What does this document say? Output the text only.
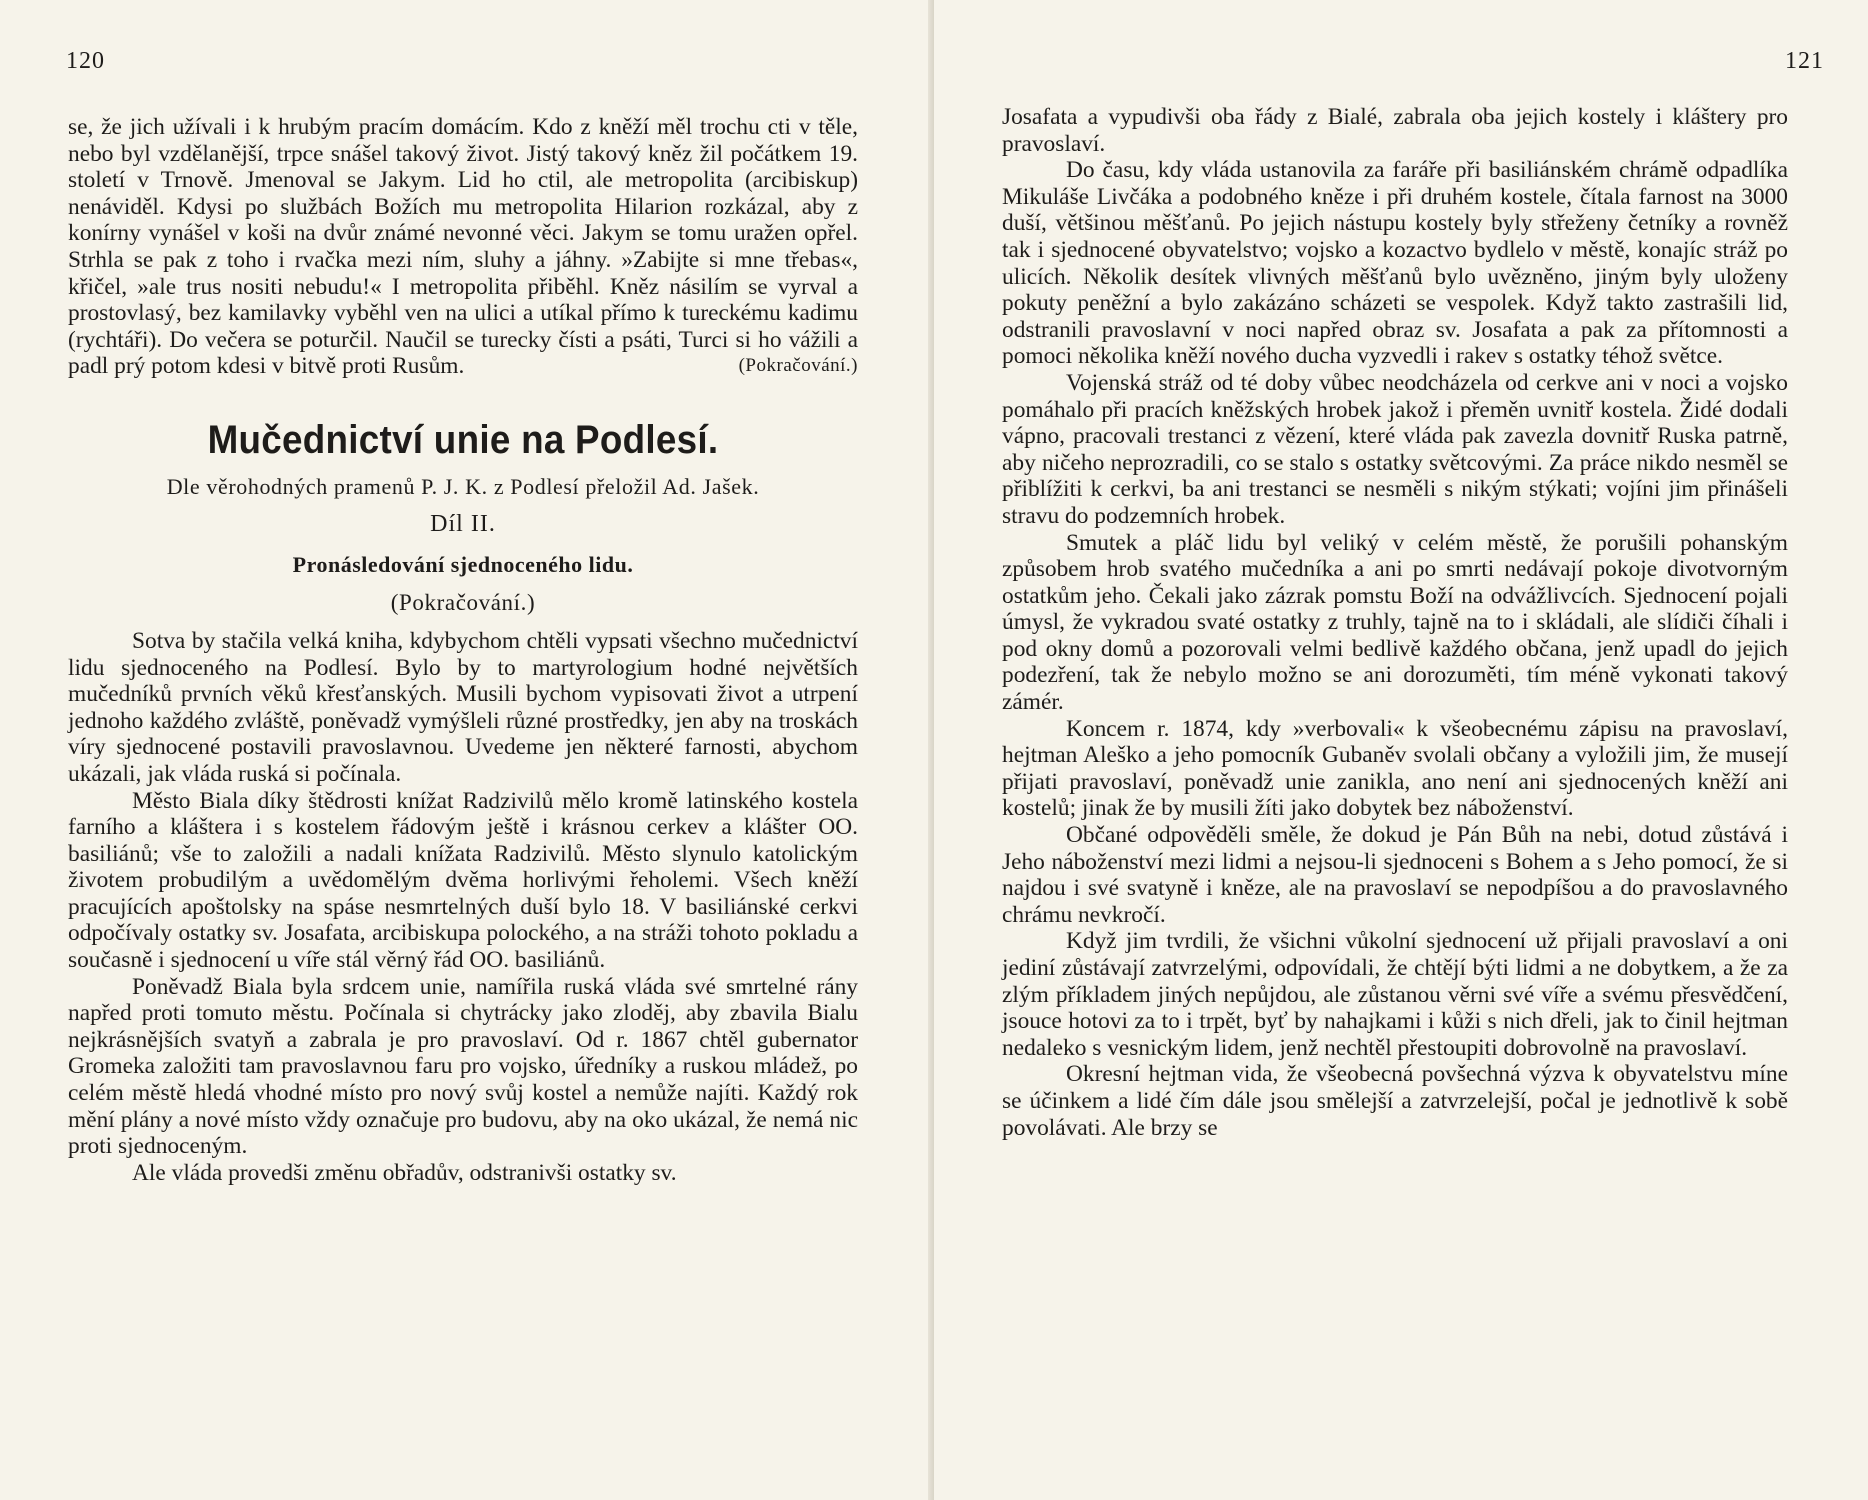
120

se, že jich užívali i k hrubým pracím domácím. Kdo z kněží měl trochu cti v těle, nebo byl vzdělanější, trpce snášel takový život. Jistý takový kněz žil počátkem 19. století v Trnově. Jmenoval se Jakym. Lid ho ctil, ale metropolita (arcibiskup) nenáviděl. Kdysi po službách Božích mu metropolita Hilarion rozkázal, aby z konírny vynášel v koši na dvůr známé nevonné věci. Jakym se tomu uražen opřel. Strhla se pak z toho i rvačka mezi ním, sluhy a jáhny. »Zabijte si mne třebas«, křičel, »ale trus nositi nebudu!« I metropolita přiběhl. Kněz násilím se vyrval a prostovlasý, bez kamilavky vyběhl ven na ulici a utíkal přímo k tureckému kadimu (rychtáři). Do večera se poturčil. Naučil se turecky čísti a psáti, Turci si ho vážili a padl prý potom kdesi v bitvě proti Rusům.	(Pokračování.)

Mučednictví unie na Podlesí.
Dle věrohodných pramenů P. J. K. z Podlesí přeložil Ad. Jašek.
Díl II.
Pronásledování sjednoceného lidu.
(Pokračování.)

Sotva by stačila velká kniha, kdybychom chtěli vypsati všechno mučednictví lidu sjednoceného na Podlesí. Bylo by to martyrologium hodné největších mučedníků prvních věků křesťanských. Musili bychom vypisovati život a utrpení jednoho každého zvláště, poněvadž vymýšleli různé prostředky, jen aby na troskách víry sjednocené postavili pravoslavnou. Uvedeme jen některé farnosti, abychom ukázali, jak vláda ruská si počínala.

Město Biala díky štědrosti knížat Radzivilů mělo kromě latinského kostela farního a kláštera i s kostelem řádovým ještě i krásnou cerkev a klášter OO. basiliánů; vše to založili a nadali knížata Radzivilů. Město slynulo katolickým životem probudilým a uvědomělým dvěma horlivými řeholemi. Všech kněží pracujících apoštolsky na spáse nesmrtelných duší bylo 18. V basiliánské cerkvi odpočívaly ostatky sv. Josafata, arcibiskupa polockého, a na stráži tohoto pokladu a současně i sjednocení u víře stál věrný řád OO. basiliánů.

Poněvadž Biala byla srdcem unie, namířila ruská vláda své smrtelné rány napřed proti tomuto městu. Počínala si chytrácky jako zloděj, aby zbavila Bialu nejkrásnějších svatyň a zabrala je pro pravoslaví. Od r. 1867 chtěl gubernator Gromeka založiti tam pravoslavnou faru pro vojsko, úředníky a ruskou mládež, po celém městě hledá vhodné místo pro nový svůj kostel a nemůže najíti. Každý rok mění plány a nové místo vždy označuje pro budovu, aby na oko ukázal, že nemá nic proti sjednoceným.

Ale vláda provedši změnu obřadův, odstranivši ostatky sv.

121

Josafata a vypudivši oba řády z Bialé, zabrala oba jejich kostely i kláštery pro pravoslaví.

Do času, kdy vláda ustanovila za faráře při basiliánském chrámě odpadlíka Mikuláše Livčáka a podobného kněze i při druhém kostele, čítala farnost na 3000 duší, většinou měšťanů. Po jejich nástupu kostely byly střeženy četníky a rovněž tak i sjednocené obyvatelstvo; vojsko a kozactvo bydlelo v městě, konajíc stráž po ulicích. Několik desítek vlivných měšťanů bylo uvězněno, jiným byly uloženy pokuty peněžní a bylo zakázáno scházeti se vespolek. Když takto zastrašili lid, odstranili pravoslavní v noci napřed obraz sv. Josafata a pak za přítomnosti a pomoci několika kněží nového ducha vyzvedli i rakev s ostatky téhož světce.

Vojenská stráž od té doby vůbec neodcházela od cerkve ani v noci a vojsko pomáhalo při pracích kněžských hrobek jakož i přeměn uvnitř kostela. Židé dodali vápno, pracovali trestanci z vězení, které vláda pak zavezla dovnitř Ruska patrně, aby ničeho neprozradili, co se stalo s ostatky světcovými. Za práce nikdo nesměl se přiblížiti k cerkvi, ba ani trestanci se nesměli s nikým stýkati; vojíni jim přinášeli stravu do podzemních hrobek.

Smutek a pláč lidu byl veliký v celém městě, že porušili pohanským způsobem hrob svatého mučedníka a ani po smrti nedávají pokoje divotvorným ostatkům jeho. Čekali jako zázrak pomstu Boží na odvážlivcích. Sjednocení pojali úmysl, že vykradou svaté ostatky z truhly, tajně na to i skládali, ale slídiči číhali i pod okny domů a pozorovali velmi bedlivě každého občana, jenž upadl do jejich podezření, tak že nebylo možno se ani dorozuměti, tím méně vykonati takový zámér.

Koncem r. 1874, kdy »verbovali« k všeobecnému zápisu na pravoslaví, hejtman Aleško a jeho pomocník Gubaněv svolali občany a vyložili jim, že musejí přijati pravoslaví, poněvadž unie zanikla, ano není ani sjednocených kněží ani kostelů; jinak že by musili žíti jako dobytek bez náboženství.

Občané odpověděli směle, že dokud je Pán Bůh na nebi, dotud zůstává i Jeho náboženství mezi lidmi a nejsou-li sjednoceni s Bohem a s Jeho pomocí, že si najdou i své svatyně i kněze, ale na pravoslaví se nepodpíšou a do pravoslavného chrámu nevkročí.

Když jim tvrdili, že všichni vůkolní sjednocení už přijali pravoslaví a oni jediní zůstávají zatvrzelými, odpovídali, že chtějí býti lidmi a ne dobytkem, a že za zlým příkladem jiných nepůjdou, ale zůstanou věrni své víře a svému přesvědčení, jsouce hotovi za to i trpět, byť by nahajkami i kůži s nich dřeli, jak to činil hejtman nedaleko s vesnickým lidem, jenž nechtěl přestoupiti dobrovolně na pravoslaví.

Okresní hejtman vida, že všeobecná povšechná výzva k obyvatelstvu míne se účinkem a lidé čím dále jsou smělejší a zatvrzelejší, počal je jednotlivě k sobě povolávati. Ale brzy se
